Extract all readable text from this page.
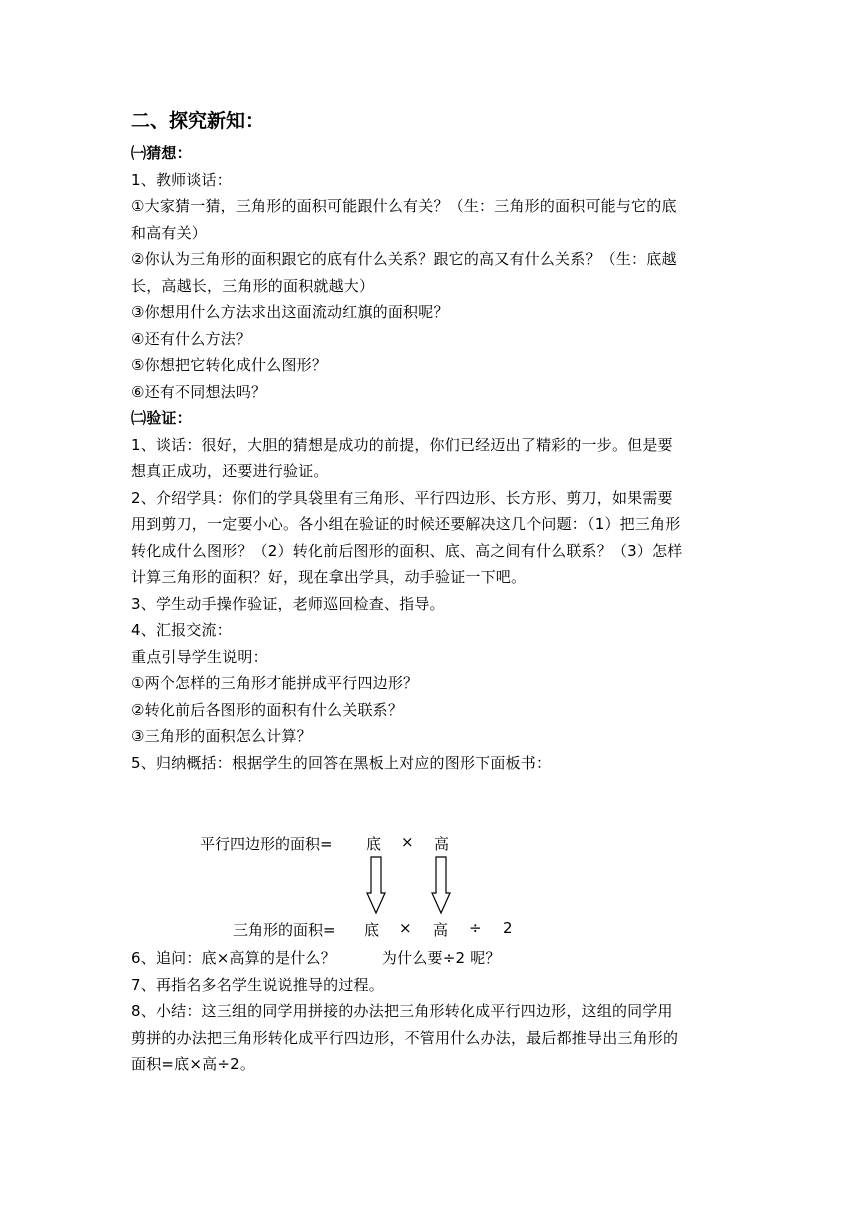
二、探究新知：
㈠猜想：
1、教师谈话：
①大家猜一猜，三角形的面积可能跟什么有关？（生：三角形的面积可能与它的底
和高有关）
②你认为三角形的面积跟它的底有什么关系？跟它的高又有什么关系？（生：底越
长，高越长，三角形的面积就越大）
③你想用什么方法求出这面流动红旗的面积呢？
④还有什么方法？
⑤你想把它转化成什么图形？
⑥还有不同想法吗？
㈡验证：
1、谈话：很好，大胆的猜想是成功的前提，你们已经迈出了精彩的一步。但是要
想真正成功，还要进行验证。
2、介绍学具：你们的学具袋里有三角形、平行四边形、长方形、剪刀，如果需要
用到剪刀，一定要小心。各小组在验证的时候还要解决这几个问题：（1）把三角形
转化成什么图形？（2）转化前后图形的面积、底、高之间有什么联系？（3）怎样
计算三角形的面积？好，现在拿出学具，动手验证一下吧。
3、学生动手操作验证，老师巡回检查、指导。
4、汇报交流：
重点引导学生说明：
①两个怎样的三角形才能拼成平行四边形？
②转化前后各图形的面积有什么关联系？
③三角形的面积怎么计算？
5、归纳概括：根据学生的回答在黑板上对应的图形下面板书：
平行四边形的面积= 底 × 高
三角形的面积= 底 × 高 ÷ 2
6、追问：底×高算的是什么？	为什么要÷2 呢？
7、再指名多名学生说说推导的过程。
8、小结：这三组的同学用拼接的办法把三角形转化成平行四边形，这组的同学用
剪拼的办法把三角形转化成平行四边形，不管用什么办法，最后都推导出三角形的
面积=底×高÷2。
